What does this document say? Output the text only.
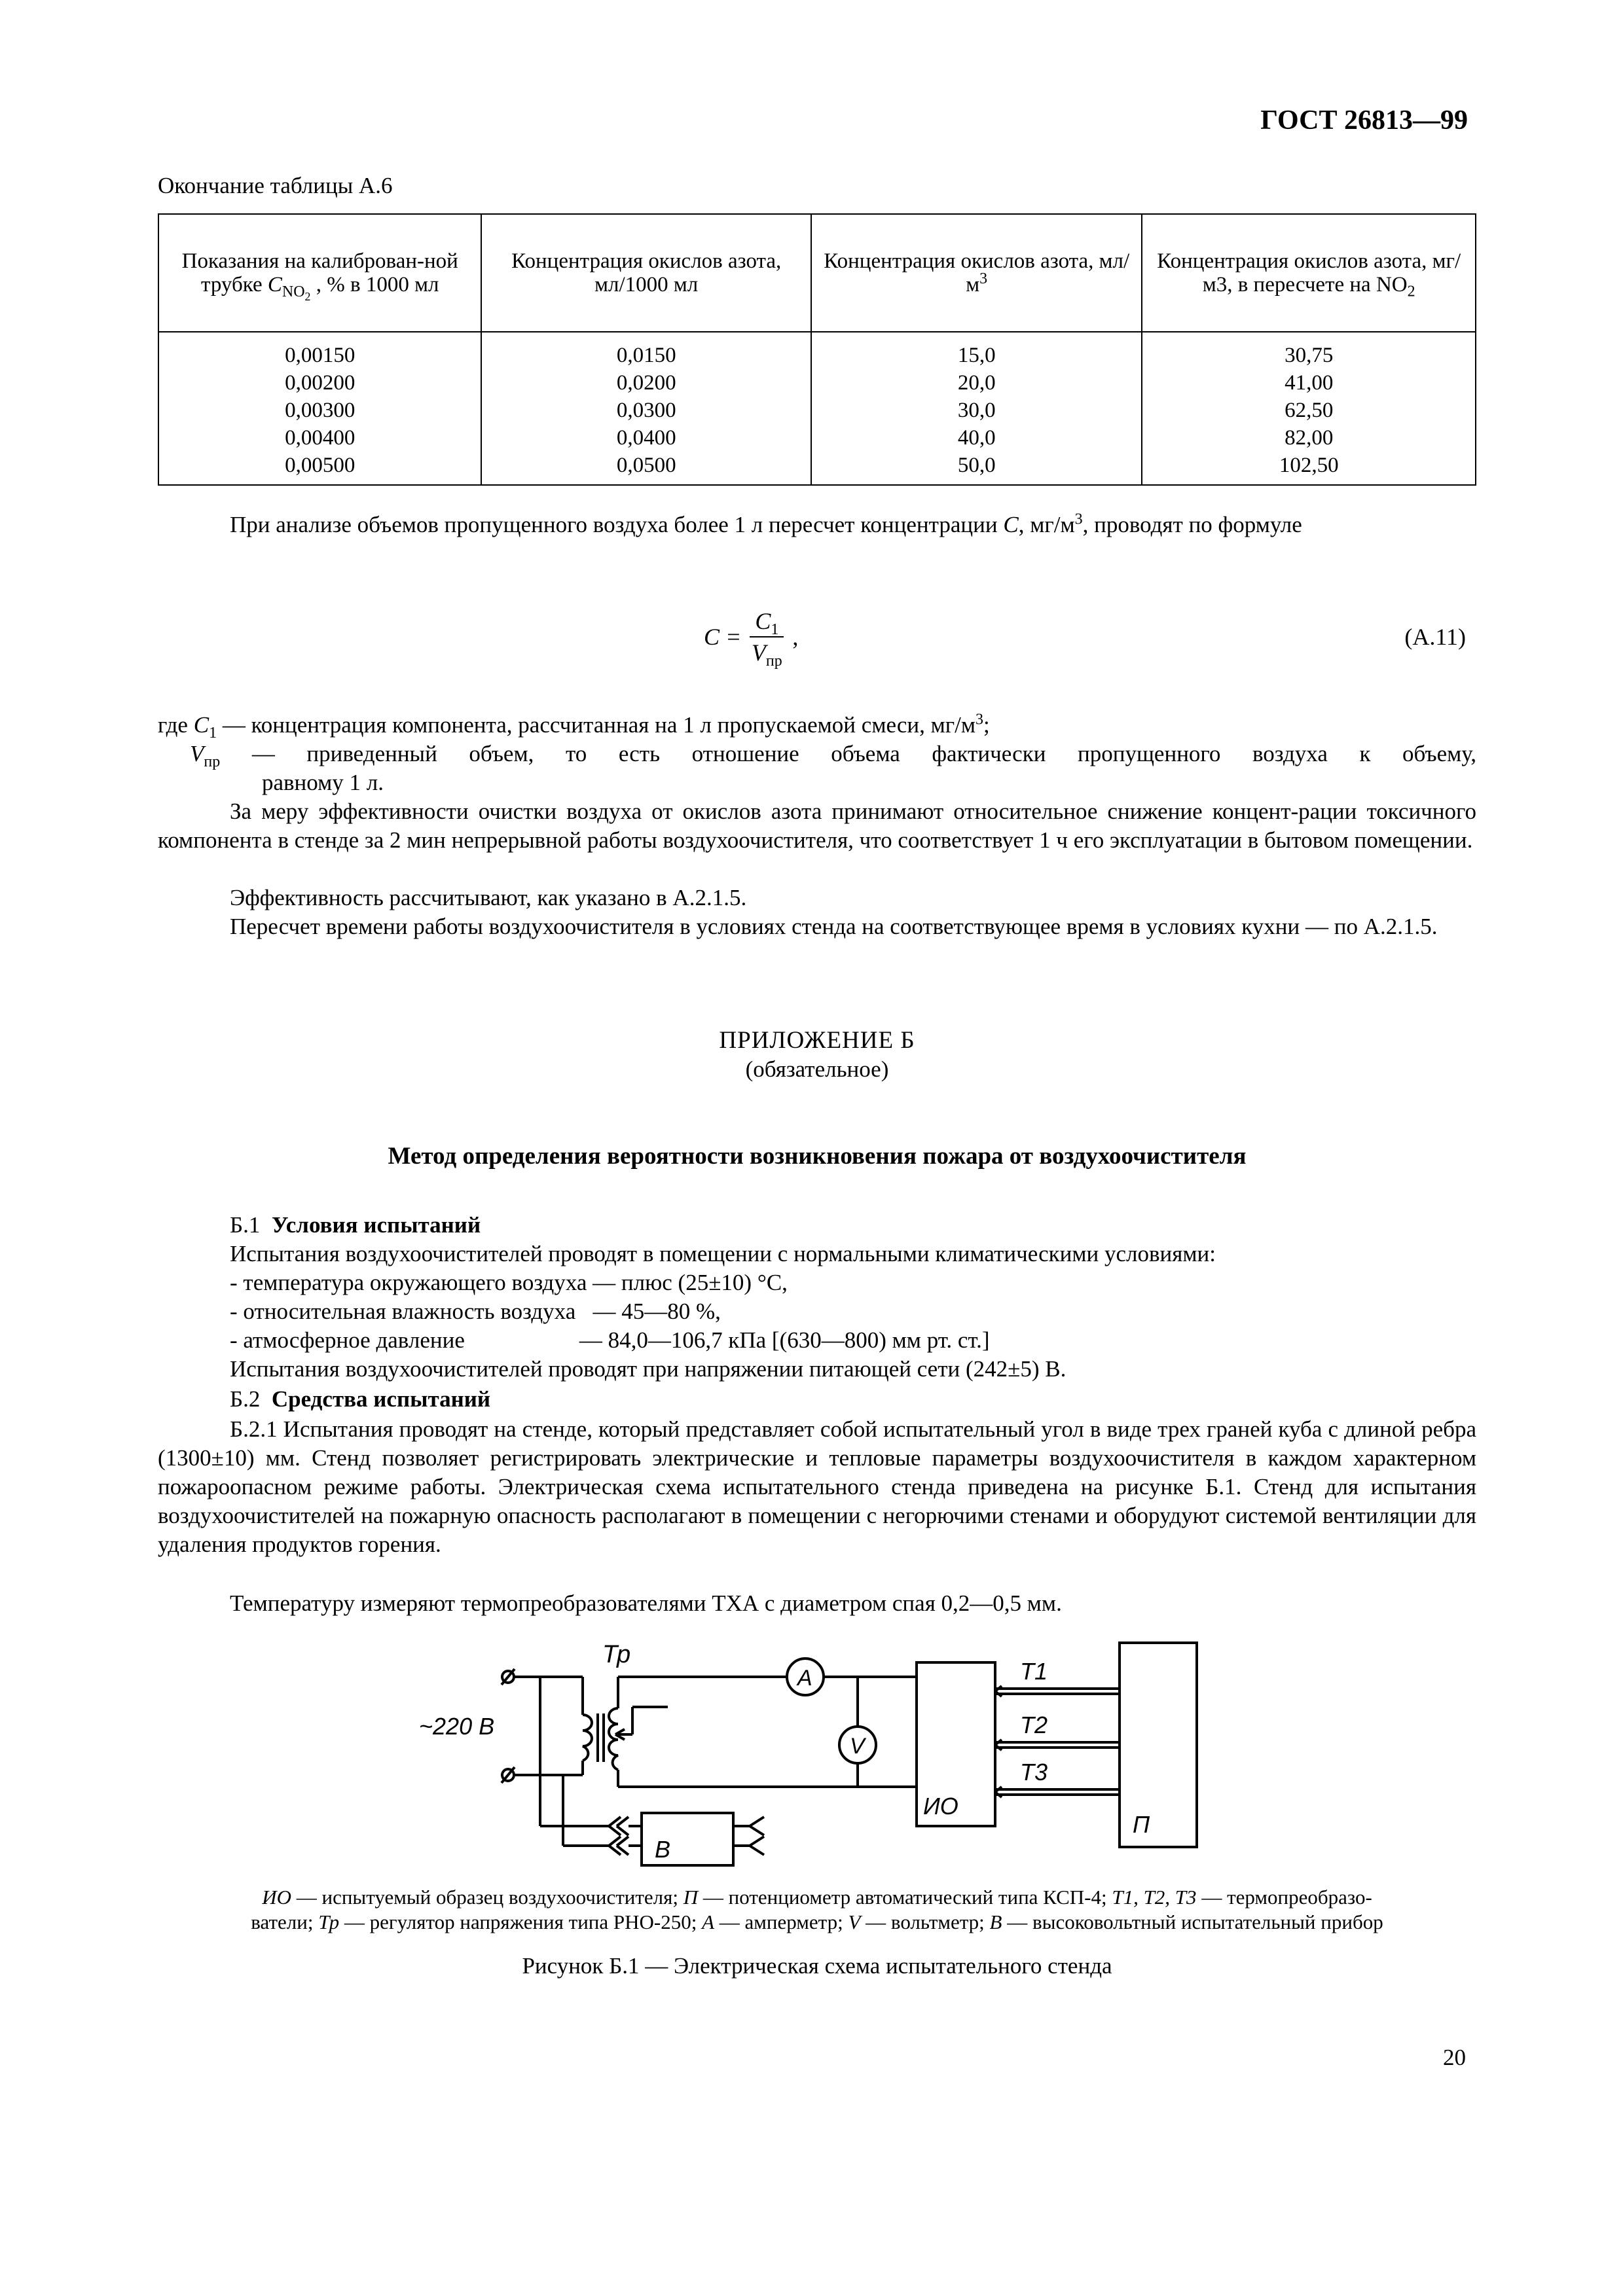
ГОСТ 26813—99
Окончание таблицы А.6
Показания на калиброван-ной трубке $C_{NO_2}$ , % в 1000 мл	Концентрация окислов азота, мл/1000 мл	Концентрация окислов азота, $мл/м^3$	Концентрация окислов азота, мг/м3, в пересчете на $NO_2$
0,00150	0,0150	15,0	30,75
0,00200	0,0200	20,0	41,00
0,00300	0,0300	30,0	62,50
0,00400	0,0400	40,0	82,00
0,00500	0,0500	50,0	102,50
При анализе объемов пропущенного воздуха более 1 л пересчет концентрации C, $мг/м^3$, проводят по формуле
C =
$C_1$
$V_{пр}$
,	(А.11)
где $C_1$ — концентрация компонента, рассчитанная на 1 л пропускаемой смеси, $мг/м^3$;
$V_{пр}$ — приведенный объем, то есть отношение объема фактически пропущенного воздуха к объему,
равному 1 л.
За меру эффективности очистки воздуха от окислов азота принимают относительное снижение концент-рации токсичного компонента в стенде за 2 мин непрерывной работы воздухоочистителя, что соответствует 1 ч его эксплуатации в бытовом помещении.
Эффективность рассчитывают, как указано в А.2.1.5.
Пересчет времени работы воздухоочистителя в условиях стенда на соответствующее время в условиях кухни — по А.2.1.5.
ПРИЛОЖЕНИЕ Б
(обязательное)
Метод определения вероятности возникновения пожара от воздухоочистителя
Б.1 Условия испытаний
Испытания воздухоочистителей проводят в помещении с нормальными климатическими условиями:
- температура окружающего воздуха — плюс (25±10) °С,
- относительная влажность воздуха   — 45—80 %,
- атмосферное давление                    — 84,0—106,7 кПа [(630—800) мм рт. ст.]
Испытания воздухоочистителей проводят при напряжении питающей сети (242±5) В.
Б.2 Средства испытаний
Б.2.1 Испытания проводят на стенде, который представляет собой испытательный угол в виде трех граней куба с длиной ребра (1300±10) мм. Стенд позволяет регистрировать электрические и тепловые параметры воздухоочистителя в каждом характерном пожароопасном режиме работы. Электрическая схема испытательного стенда приведена на рисунке Б.1. Стенд для испытания воздухоочистителей на пожарную опасность располагают в помещении с негорючими стенами и оборудуют системой вентиляции для удаления продуктов горения.
Температуру измеряют термопреобразователями ТХА с диаметром спая 0,2—0,5 мм.
~220 В
Тр
A
V
ИО
Т1
Т2
Т3
П
В
ИО — испытуемый образец воздухоочистителя; П — потенциометр автоматический типа КСП-4; Т1, Т2, Т3 — термопреобразо-
ватели; Тр — регулятор напряжения типа РНО-250; А — амперметр; V — вольтметр; В — высоковольтный испытательный прибор
Рисунок Б.1 — Электрическая схема испытательного стенда
20
